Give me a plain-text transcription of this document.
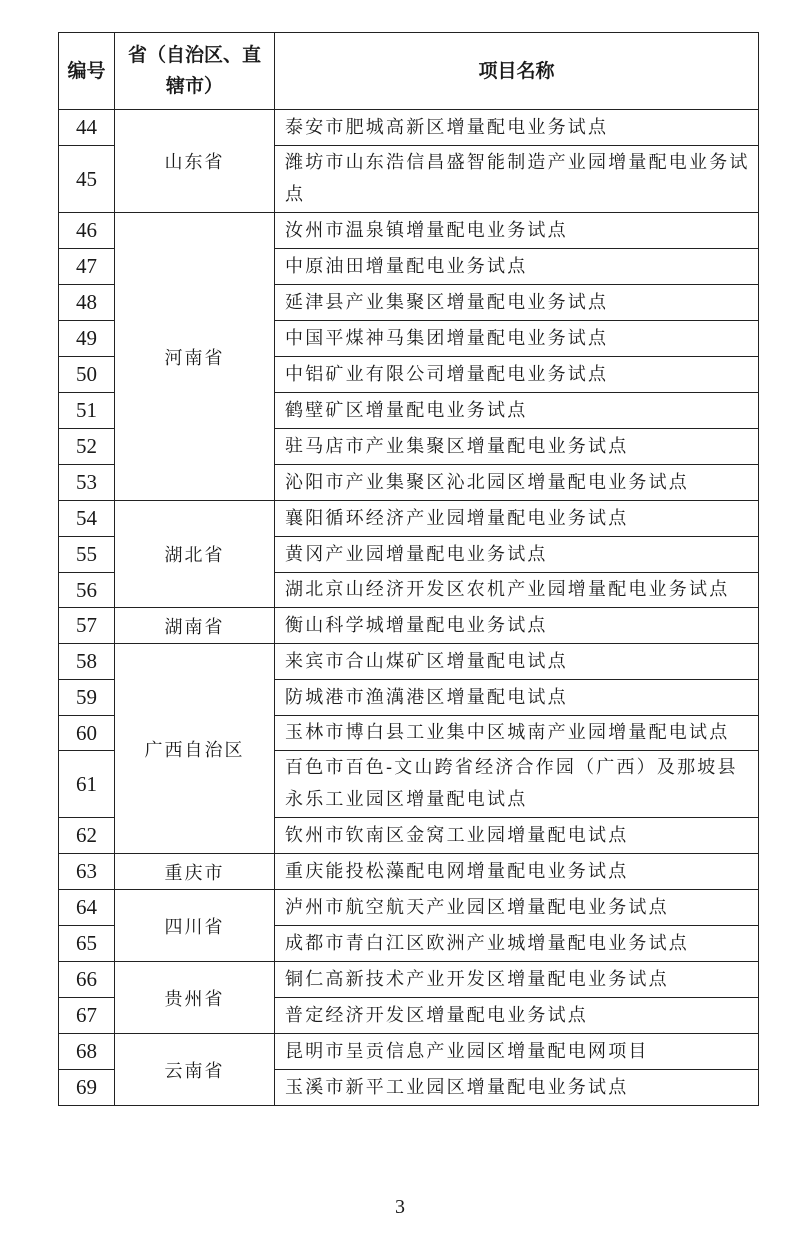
编号	省（自治区、直辖市）	项目名称
44	山东省	泰安市肥城高新区增量配电业务试点
45		潍坊市山东浩信昌盛智能制造产业园增量配电业务试点
46	河南省	汝州市温泉镇增量配电业务试点
47		中原油田增量配电业务试点
48		延津县产业集聚区增量配电业务试点
49		中国平煤神马集团增量配电业务试点
50		中铝矿业有限公司增量配电业务试点
51		鹤壁矿区增量配电业务试点
52		驻马店市产业集聚区增量配电业务试点
53		沁阳市产业集聚区沁北园区增量配电业务试点
54	湖北省	襄阳循环经济产业园增量配电业务试点
55		黄冈产业园增量配电业务试点
56		湖北京山经济开发区农机产业园增量配电业务试点
57	湖南省	衡山科学城增量配电业务试点
58	广西自治区	来宾市合山煤矿区增量配电试点
59		防城港市渔澫港区增量配电试点
60		玉林市博白县工业集中区城南产业园增量配电试点
61		百色市百色-文山跨省经济合作园（广西）及那坡县永乐工业园区增量配电试点
62		钦州市钦南区金窝工业园增量配电试点
63	重庆市	重庆能投松藻配电网增量配电业务试点
64	四川省	泸州市航空航天产业园区增量配电业务试点
65		成都市青白江区欧洲产业城增量配电业务试点
66	贵州省	铜仁高新技术产业开发区增量配电业务试点
67		普定经济开发区增量配电业务试点
68	云南省	昆明市呈贡信息产业园区增量配电网项目
69		玉溪市新平工业园区增量配电业务试点
3
